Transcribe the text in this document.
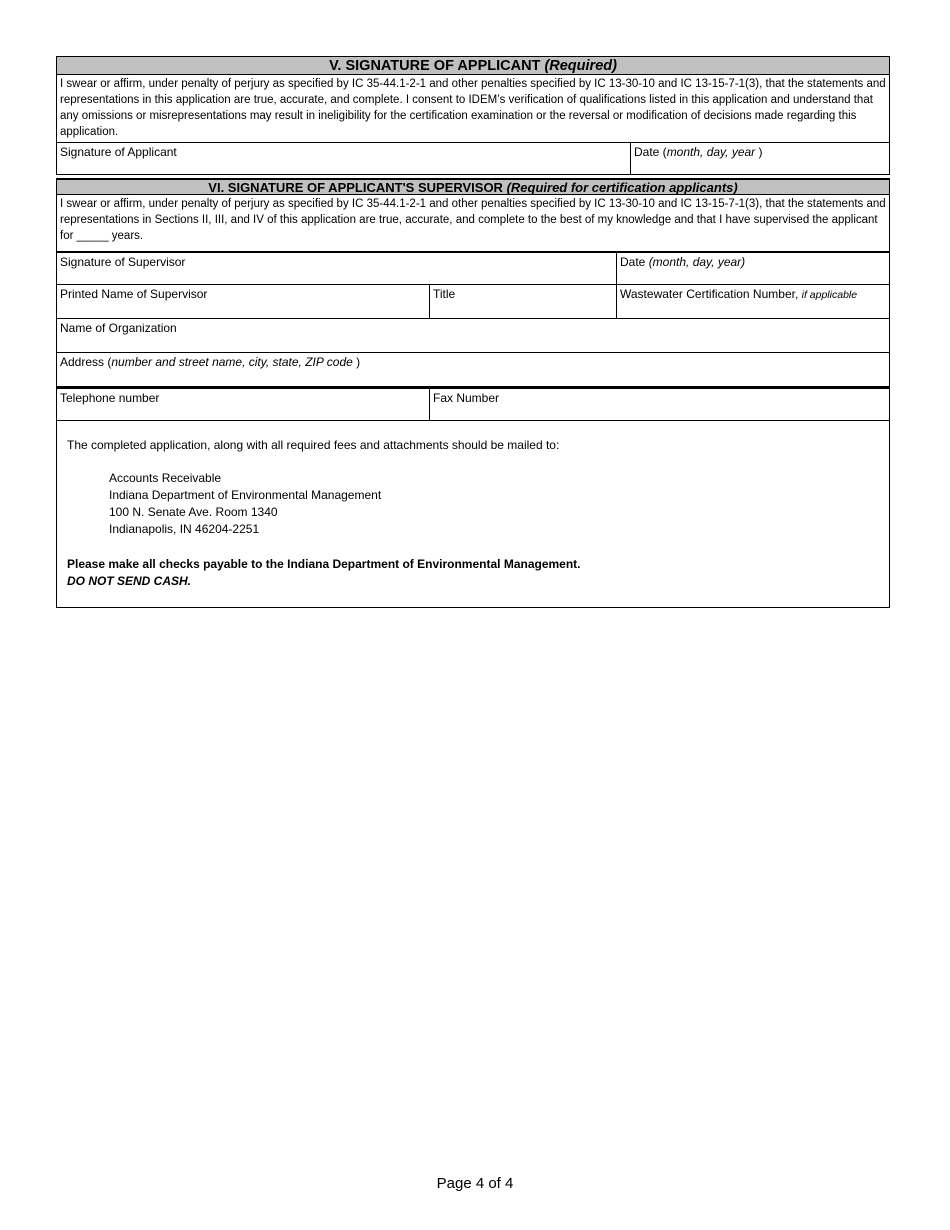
V. SIGNATURE OF APPLICANT (Required)
I swear or affirm, under penalty of perjury as specified by IC 35-44.1-2-1 and other penalties specified by IC 13-30-10 and IC 13-15-7-1(3), that the statements and representations in this application are true, accurate, and complete. I consent to IDEM’s verification of qualifications listed in this application and understand that any omissions or misrepresentations may result in ineligibility for the certification examination or the reversal or modification of decisions made regarding this application.
Signature of Applicant	Date (month, day, year )
VI. SIGNATURE OF APPLICANT'S SUPERVISOR (Required for certification applicants)
I swear or affirm, under penalty of perjury as specified by IC 35-44.1-2-1 and other penalties specified by IC 13-30-10 and IC 13-15-7-1(3), that the statements and representations in Sections II, III, and IV of this application are true, accurate, and complete to the best of my knowledge and that I have supervised the applicant for _____ years.
Signature of Supervisor	Date (month, day, year)
Printed Name of Supervisor	Title	Wastewater Certification Number, if applicable
Name of Organization
Address (number and street name, city, state, ZIP code )
Telephone number	Fax Number
The completed application, along with all required fees and attachments should be mailed to:
Accounts Receivable
Indiana Department of Environmental Management
100 N. Senate Ave. Room 1340
Indianapolis, IN 46204-2251
Please make all checks payable to the Indiana Department of Environmental Management.
DO NOT SEND CASH.
Page 4 of 4
